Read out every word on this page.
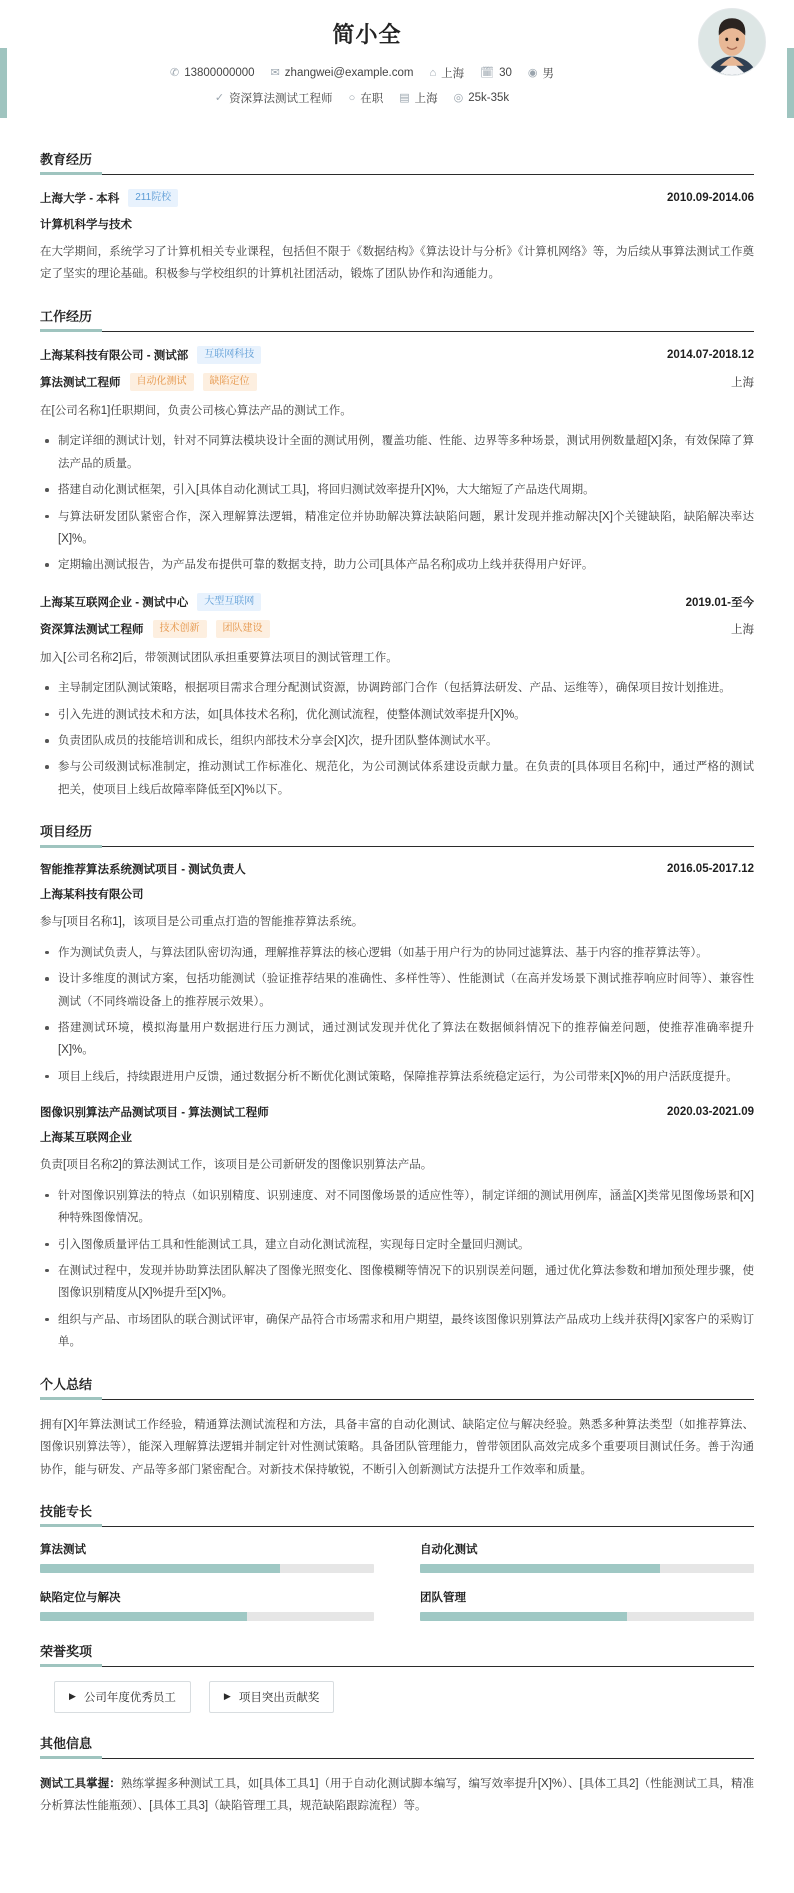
简小全
✆ 13800000000 ✉ zhangwei@example.com ⌂ 上海 🗓 30 ◉ 男
✓ 资深算法测试工程师 ○ 在职 ▤ 上海 ◎ 25k-35k
教育经历
上海大学 - 本科	211院校	2010.09-2014.06
计算机科学与技术
在大学期间，系统学习了计算机相关专业课程，包括但不限于《数据结构》《算法设计与分析》《计算机网络》等，为后续从事算法测试工作奠定了坚实的理论基础。积极参与学校组织的计算机社团活动，锻炼了团队协作和沟通能力。
工作经历
上海某科技有限公司 - 测试部	互联网科技	2014.07-2018.12
算法测试工程师	自动化测试	缺陷定位	上海
在[公司名称1]任职期间，负责公司核心算法产品的测试工作。
制定详细的测试计划，针对不同算法模块设计全面的测试用例，覆盖功能、性能、边界等多种场景，测试用例数量超[X]条，有效保障了算法产品的质量。
搭建自动化测试框架，引入[具体自动化测试工具]，将回归测试效率提升[X]%，大大缩短了产品迭代周期。
与算法研发团队紧密合作，深入理解算法逻辑，精准定位并协助解决算法缺陷问题，累计发现并推动解决[X]个关键缺陷，缺陷解决率达[X]%。
定期输出测试报告，为产品发布提供可靠的数据支持，助力公司[具体产品名称]成功上线并获得用户好评。
上海某互联网企业 - 测试中心	大型互联网	2019.01-至今
资深算法测试工程师	技术创新	团队建设	上海
加入[公司名称2]后，带领测试团队承担重要算法项目的测试管理工作。
主导制定团队测试策略，根据项目需求合理分配测试资源，协调跨部门合作（包括算法研发、产品、运维等），确保项目按计划推进。
引入先进的测试技术和方法，如[具体技术名称]，优化测试流程，使整体测试效率提升[X]%。
负责团队成员的技能培训和成长，组织内部技术分享会[X]次，提升团队整体测试水平。
参与公司级测试标准制定，推动测试工作标准化、规范化，为公司测试体系建设贡献力量。在负责的[具体项目名称]中，通过严格的测试把关，使项目上线后故障率降低至[X]%以下。
项目经历
智能推荐算法系统测试项目 - 测试负责人	2016.05-2017.12
上海某科技有限公司
参与[项目名称1]，该项目是公司重点打造的智能推荐算法系统。
作为测试负责人，与算法团队密切沟通，理解推荐算法的核心逻辑（如基于用户行为的协同过滤算法、基于内容的推荐算法等）。
设计多维度的测试方案，包括功能测试（验证推荐结果的准确性、多样性等）、性能测试（在高并发场景下测试推荐响应时间等）、兼容性测试（不同终端设备上的推荐展示效果）。
搭建测试环境，模拟海量用户数据进行压力测试，通过测试发现并优化了算法在数据倾斜情况下的推荐偏差问题，使推荐准确率提升[X]%。
项目上线后，持续跟进用户反馈，通过数据分析不断优化测试策略，保障推荐算法系统稳定运行，为公司带来[X]%的用户活跃度提升。
图像识别算法产品测试项目 - 算法测试工程师	2020.03-2021.09
上海某互联网企业
负责[项目名称2]的算法测试工作，该项目是公司新研发的图像识别算法产品。
针对图像识别算法的特点（如识别精度、识别速度、对不同图像场景的适应性等），制定详细的测试用例库，涵盖[X]类常见图像场景和[X]种特殊图像情况。
引入图像质量评估工具和性能测试工具，建立自动化测试流程，实现每日定时全量回归测试。
在测试过程中，发现并协助算法团队解决了图像光照变化、图像模糊等情况下的识别误差问题，通过优化算法参数和增加预处理步骤，使图像识别精度从[X]%提升至[X]%。
组织与产品、市场团队的联合测试评审，确保产品符合市场需求和用户期望，最终该图像识别算法产品成功上线并获得[X]家客户的采购订单。
个人总结
拥有[X]年算法测试工作经验，精通算法测试流程和方法，具备丰富的自动化测试、缺陷定位与解决经验。熟悉多种算法类型（如推荐算法、图像识别算法等），能深入理解算法逻辑并制定针对性测试策略。具备团队管理能力，曾带领团队高效完成多个重要项目测试任务。善于沟通协作，能与研发、产品等多部门紧密配合。对新技术保持敏锐，不断引入创新测试方法提升工作效率和质量。
技能专长
算法测试	自动化测试
缺陷定位与解决	团队管理
荣誉奖项
▶ 公司年度优秀员工	▶ 项目突出贡献奖
其他信息
测试工具掌握：熟练掌握多种测试工具，如[具体工具1]（用于自动化测试脚本编写，编写效率提升[X]%）、[具体工具2]（性能测试工具，精准分析算法性能瓶颈）、[具体工具3]（缺陷管理工具，规范缺陷跟踪流程）等。
